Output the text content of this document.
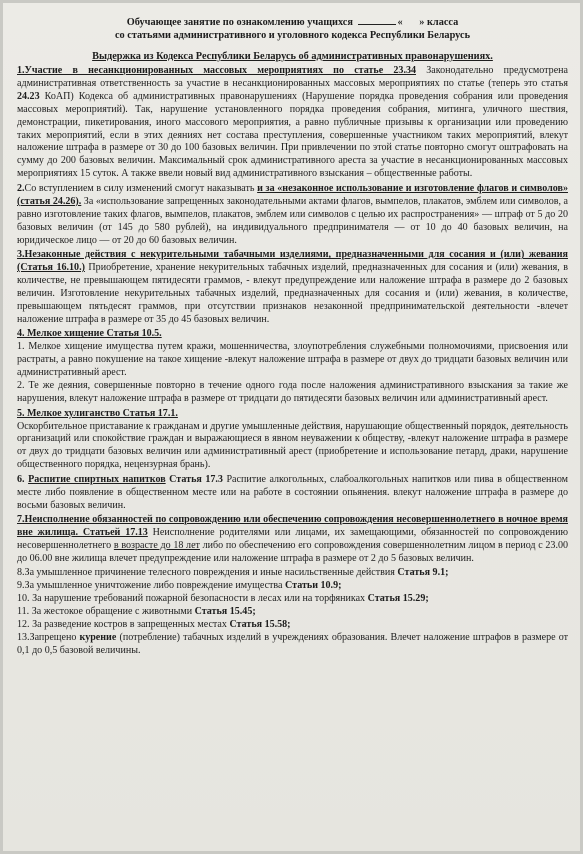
Обучающее занятие по ознакомлению учащихся	« » класса
со статьями административного и уголовного кодекса Республики Беларусь
Выдержка из Кодекса Республики Беларусь об административных правонарушениях.

1.Участие в несанкционированных массовых мероприятиях по статье 23.34 Законодательно предусмотрена административная ответственность за участие в несанкционированных массовых мероприятиях по статье (теперь это статья 24.23 КоАП) Кодекса об административных правонарушениях (Нарушение порядка проведения собрания или проведения массовых мероприятий). Так, нарушение установленного порядка проведения собрания, митинга, уличного шествия, демонстрации, пикетирования, иного массового мероприятия, а равно публичные призывы к организации или проведению таких мероприятий, если в этих деяниях нет состава преступления, совершенные участником таких мероприятий, влекут наложение штрафа в размере от 30 до 100 базовых величин. При привлечении по этой статье повторно смогут оштрафовать на сумму до 200 базовых величин. Максимальный срок административного ареста за участие в несанкционированных массовых мероприятиях 15 суток. А также ввели новый вид административного взыскания – общественные работы.

2.Со вступлением в силу изменений смогут наказывать и за «незаконное использование и изготовление флагов и символов» (статья 24.26). За «использование запрещенных законодательными актами флагов, вымпелов, плакатов, эмблем или символов, а равно изготовление таких флагов, вымпелов, плакатов, эмблем или символов с целью их распространения» — штраф от 5 до 20 базовых величин (от 145 до 580 рублей), на индивидуального предпринимателя — от 10 до 40 базовых величин, на юридическое лицо — от 20 до 60 базовых величин.

3.Незаконные действия с некурительными табачными изделиями, предназначенными для сосания и (или) жевания (Статья 16.10.) Приобретение, хранение некурительных табачных изделий, предназначенных для сосания и (или) жевания, в количестве, не превышающем пятидесяти граммов, - влекут предупреждение или наложение штрафа в размере до 2 базовых величин. Изготовление некурительных табачных изделий, предназначенных для сосания и (или) жевания, в количестве, превышающем пятьдесят граммов, при отсутствии признаков незаконной предпринимательской деятельности -влечет наложение штрафа в размере от 35 до 45 базовых величин.

4. Мелкое хищение Статья 10.5.

1. Мелкое хищение имущества путем кражи, мошенничества, злоупотребления служебными полномочиями, присвоения или растраты, а равно покушение на такое хищение -влекут наложение штрафа в размере от двух до тридцати базовых величин или административный арест.

2. Те же деяния, совершенные повторно в течение одного года после наложения административного взыскания за такие же нарушения, влекут наложение штрафа в размере от тридцати до пятидесяти базовых величин или административный арест.

5. Мелкое хулиганство Статья 17.1.

Оскорбительное приставание к гражданам и другие умышленные действия, нарушающие общественный порядок, деятельность организаций или спокойствие граждан и выражающиеся в явном неуважении к обществу, -влекут наложение штрафа в размере от двух до тридцати базовых величин или административный арест (приобретение и использование петард, драки, нарушение общественного порядка, нецензурная брань).

6. Распитие спиртных напитков Статья 17.3 Распитие алкогольных, слабоалкогольных напитков или пива в общественном месте либо появление в общественном месте или на работе в состоянии опьянения. влекут наложение штрафа в размере до восьми базовых величин.

7.Неисполнение обязанностей по сопровождению или обеспечению сопровождения несовершеннолетнего в ночное время вне жилища. Статьей 17.13 Неисполнение родителями или лицами, их замещающими, обязанностей по сопровождению несовершеннолетнего в возрасте до 18 лет либо по обеспечению его сопровождения совершеннолетним лицом в период с 23.00 до 06.00 вне жилища влечет предупреждение или наложение штрафа в размере от 2 до 5 базовых величин.

8.За умышленное причинение телесного повреждения и иные насильственные действия Статья 9.1;

9.За умышленное уничтожение либо повреждение имущества Статьи 10.9;

10. За нарушение требований пожарной безопасности в лесах или на торфяниках Статья 15.29;

11. За жестокое обращение с животными Статья 15.45;

12. За разведение костров в запрещенных местах Статья 15.58;

13.Запрещено курение (потребление) табачных изделий в учреждениях образования. Влечет наложение штрафов в размере от 0,1 до 0,5 базовой величины.
